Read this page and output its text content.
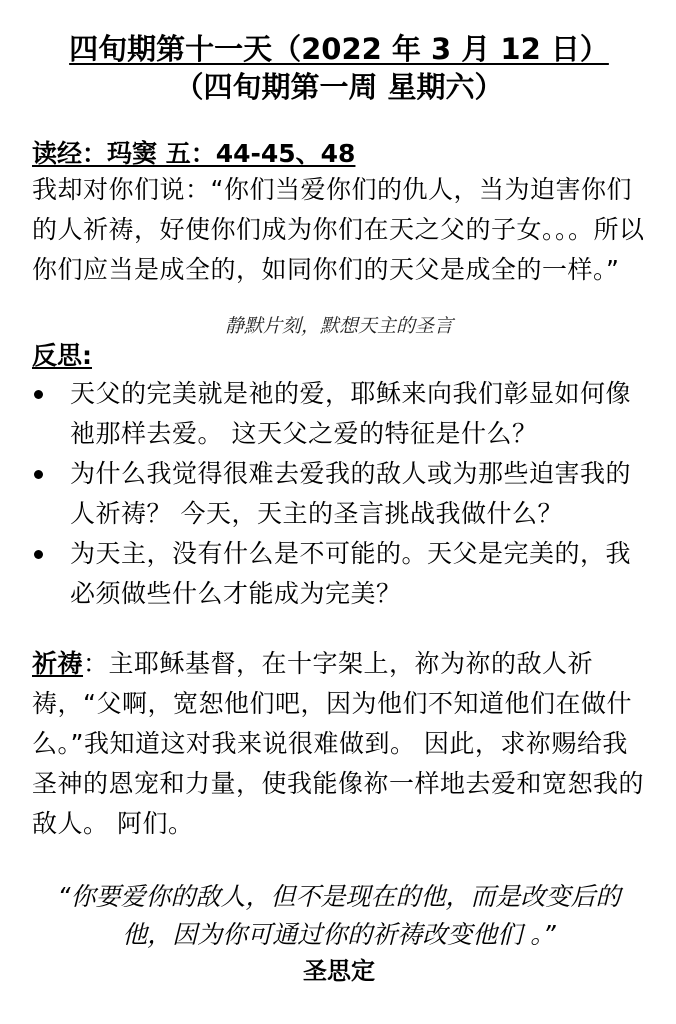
四旬期第十一天（2022 年 3 月 12 日）
（四旬期第一周 星期六）
读经：玛窦 五：44-45、48

我却对你们说：“你们当爱你们的仇人，当为迫害你们的人祈祷，好使你们成为你们在天之父的子女。。。所以你们应当是成全的，如同你们的天父是成全的一样。”

静默片刻，默想天主的圣言
反思:
天父的完美就是祂的爱，耶稣来向我们彰显如何像祂那样去爱。 这天父之爱的特征是什么？
为什么我觉得很难去爱我的敌人或为那些迫害我的人祈祷？ 今天，天主的圣言挑战我做什么？
为天主，没有什么是不可能的。天父是完美的，我必须做些什么才能成为完美？

祈祷：主耶稣基督，在十字架上，祢为祢的敌人祈祷，“父啊，宽恕他们吧，因为他们不知道他们在做什么。”我知道这对我来说很难做到。 因此，求祢赐给我圣神的恩宠和力量，使我能像祢一样地去爱和宽恕我的敌人。 阿们。

“你要爱你的敌人，但不是现在的他，而是改变后的他，因为你可通过你的祈祷改变他们 。”
圣思定
